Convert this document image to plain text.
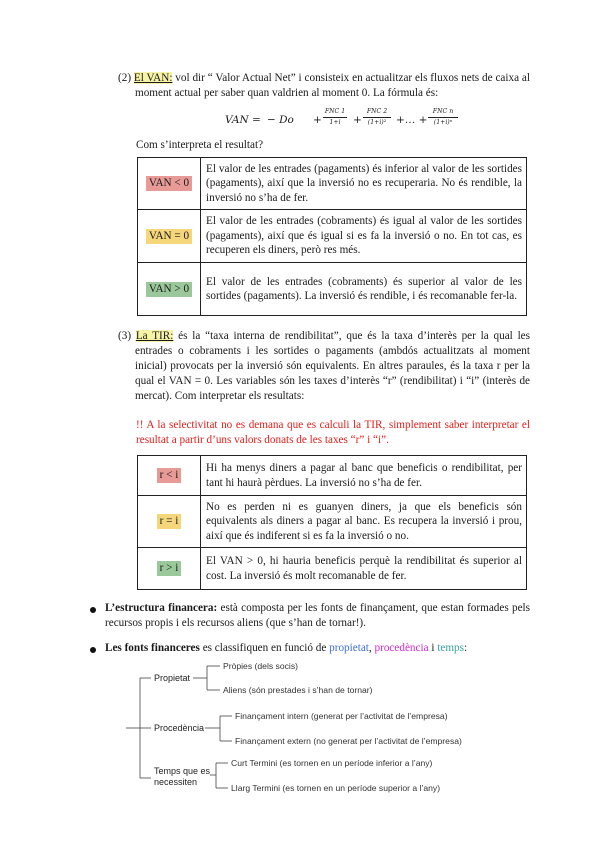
(2) El VAN: vol dir “ Valor Actual Net” i consisteix en actualitzar els fluxos nets de caixa al moment actual per saber quan valdrien al moment 0. La fórmula és:
VAN = − Do +
FNC 1
1+i	+
FNC 2
(1+i)² +… +
FNC n
(1+i)ⁿ
Com s’interpreta el resultat?
VAN < 0	El valor de les entrades (pagaments) és inferior al valor de les sortides (pagaments), així que la inversió no es recuperaria. No és rendible, la inversió no s’ha de fer.
VAN = 0	El valor de les entrades (cobraments) és igual al valor de les sortides (pagaments), així que és igual si es fa la inversió o no. En tot cas, es recuperen els diners, però res més.
VAN > 0	El valor de les entrades (cobraments) és superior al valor de les sortides (pagaments). La inversió és rendible, i és recomanable fer-la.
(3) La TIR: és la “taxa interna de rendibilitat”, que és la taxa d’interès per la qual les entrades o cobraments i les sortides o pagaments (ambdós actualitzats al moment inicial) provocats per la inversió són equivalents. En altres paraules, és la taxa r per la qual el VAN = 0. Les variables són les taxes d’interès “r” (rendibilitat) i “i” (interès de mercat). Com interpretar els resultats:
!! A la selectivitat no es demana que es calculi la TIR, simplement saber interpretar el resultat a partir d’uns valors donats de les taxes “r” i “i”.
r < i	Hi ha menys diners a pagar al banc que beneficis o rendibilitat, per tant hi haurà pèrdues. La inversió no s’ha de fer.
r = i	No es perden ni es guanyen diners, ja que els beneficis són equivalents als diners a pagar al banc. Es recupera la inversió i prou, així que és indiferent si es fa la inversió o no.
r > i	El VAN > 0, hi hauria beneficis perquè la rendibilitat és superior al cost. La inversió és molt recomanable de fer.
L’estructura financera: està composta per les fonts de finançament, que estan formades pels recursos propis i els recursos aliens (que s’han de tornar!).
Les fonts financeres es classifiquen en funció de propietat, procedència i temps:
Propietat
Pròpies (dels socis)
Aliens (són prestades i s’han de tornar)
Procedència
Finançament intern (generat per l’activitat de l’empresa)
Finançament extern (no generat per l’activitat de l’empresa)
Temps que es necessiten
Curt Termini (es tornen en un període inferior a l’any)
Llarg Termini (es tornen en un període superior a l’any)
